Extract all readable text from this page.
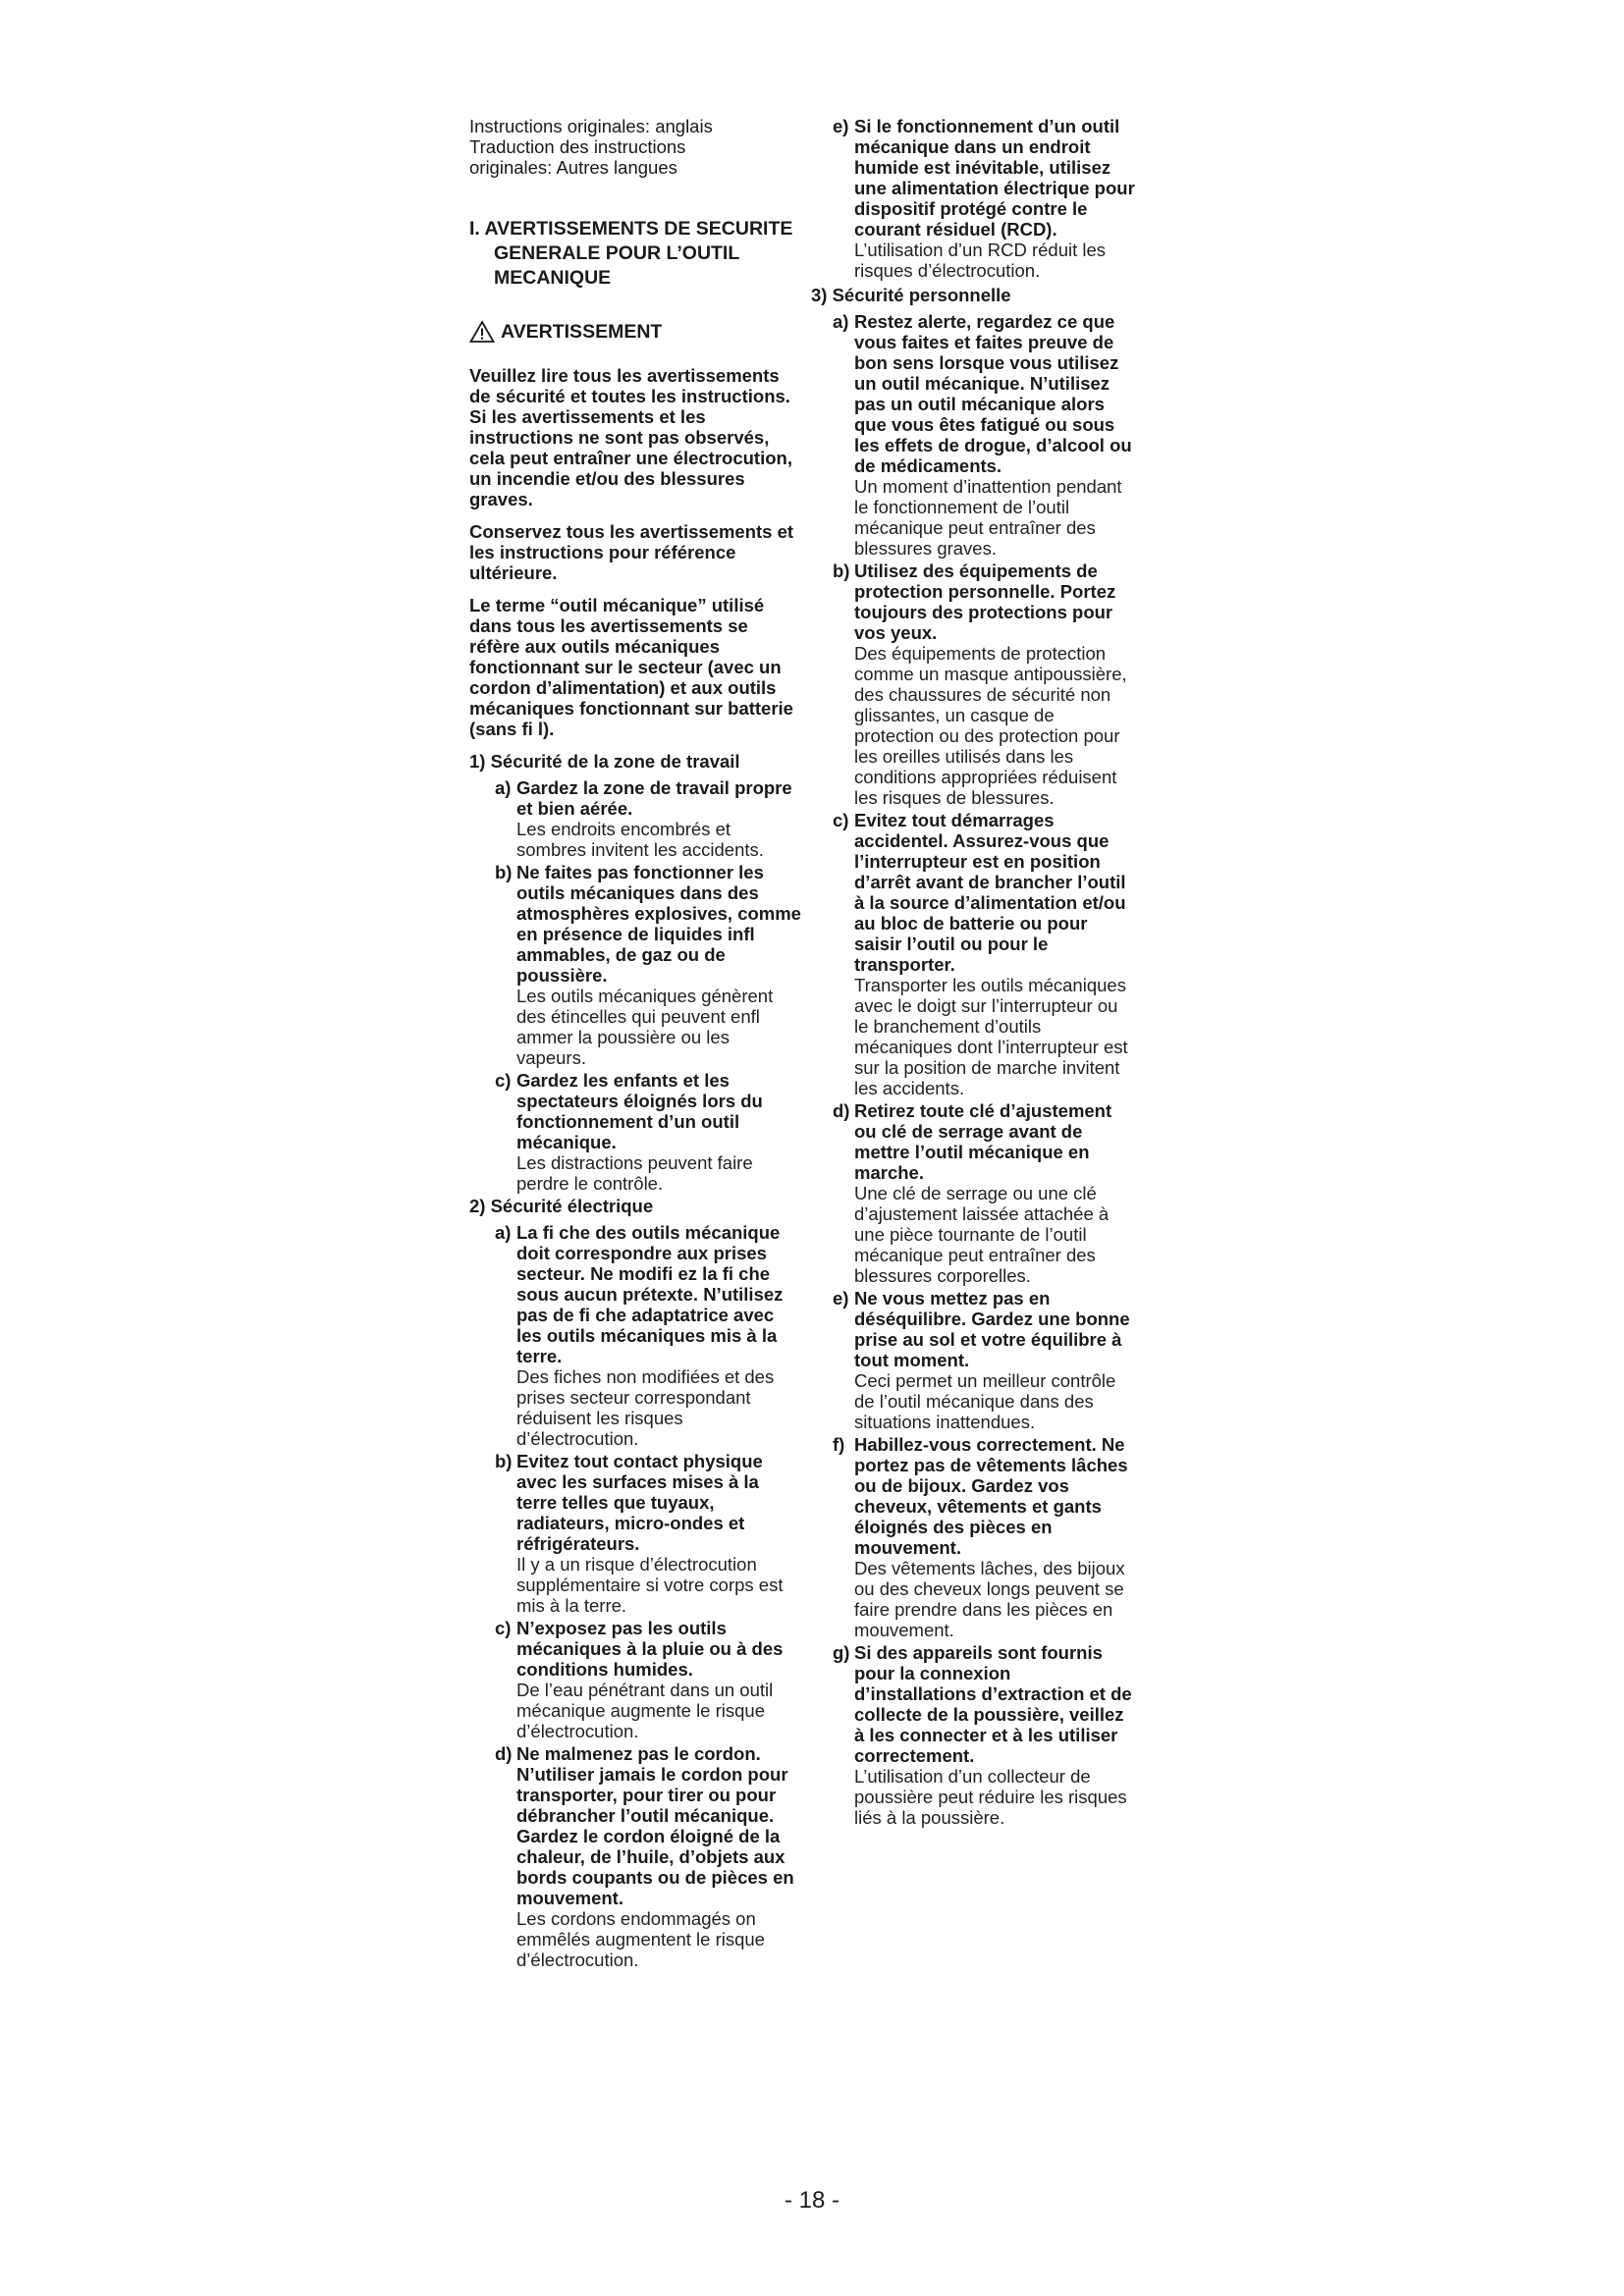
Instructions originales: anglais
Traduction des instructions
originales: Autres langues
I. AVERTISSEMENTS DE SECURITE GENERALE POUR L’OUTIL MECANIQUE
AVERTISSEMENT
Veuillez lire tous les avertissements de sécurité et toutes les instructions. Si les avertissements et les instructions ne sont pas observés, cela peut entraîner une électrocution, un incendie et/ou des blessures graves.
Conservez tous les avertissements et les instructions pour référence ultérieure.
Le terme “outil mécanique” utilisé dans tous les avertissements se réfère aux outils mécaniques fonctionnant sur le secteur (avec un cordon d’alimentation) et aux outils mécaniques fonctionnant sur batterie (sans fi l).
1) Sécurité de la zone de travail
a) Gardez la zone de travail propre et bien aérée.
Les endroits encombrés et sombres invitent les accidents.
b) Ne faites pas fonctionner les outils mécaniques dans des atmosphères explosives, comme en présence de liquides infl ammables, de gaz ou de poussière.
Les outils mécaniques génèrent des étincelles qui peuvent enfl ammer la poussière ou les vapeurs.
c) Gardez les enfants et les spectateurs éloignés lors du fonctionnement d’un outil mécanique.
Les distractions peuvent faire perdre le contrôle.
2) Sécurité électrique
a) La fi che des outils mécanique doit correspondre aux prises secteur. Ne modifi ez la fi che sous aucun prétexte. N’utilisez pas de fi che adaptatrice avec les outils mécaniques mis à la terre.
Des fiches non modifiées et des prises secteur correspondant réduisent les risques d’électrocution.
b) Evitez tout contact physique avec les surfaces mises à la terre telles que tuyaux, radiateurs, micro-ondes et réfrigérateurs.
Il y a un risque d’électrocution supplémentaire si votre corps est mis à la terre.
c) N’exposez pas les outils mécaniques à la pluie ou à des conditions humides.
De l’eau pénétrant dans un outil mécanique augmente le risque d’électrocution.
d) Ne malmenez pas le cordon. N’utiliser jamais le cordon pour transporter, pour tirer ou pour débrancher l’outil mécanique. Gardez le cordon éloigné de la chaleur, de l’huile, d’objets aux bords coupants ou de pièces en mouvement.
Les cordons endommagés on emmêlés augmentent le risque d’électrocution.
e) Si le fonctionnement d’un outil mécanique dans un endroit humide est inévitable, utilisez une alimentation électrique pour dispositif protégé contre le courant résiduel (RCD).
L’utilisation d’un RCD réduit les risques d’électrocution.
3) Sécurité personnelle
a) Restez alerte, regardez ce que vous faites et faites preuve de bon sens lorsque vous utilisez un outil mécanique. N’utilisez pas un outil mécanique alors que vous êtes fatigué ou sous les effets de drogue, d’alcool ou de médicaments.
Un moment d’inattention pendant le fonctionnement de l’outil mécanique peut entraîner des blessures graves.
b) Utilisez des équipements de protection personnelle. Portez toujours des protections pour vos yeux.
Des équipements de protection comme un masque antipoussière, des chaussures de sécurité non glissantes, un casque de protection ou des protection pour les oreilles utilisés dans les conditions appropriées réduisent les risques de blessures.
c) Evitez tout démarrages accidentel. Assurez-vous que l’interrupteur est en position d’arrêt avant de brancher l’outil à la source d’alimentation et/ou au bloc de batterie ou pour saisir l’outil ou pour le transporter.
Transporter les outils mécaniques avec le doigt sur l’interrupteur ou le branchement d’outils mécaniques dont l’interrupteur est sur la position de marche invitent les accidents.
d) Retirez toute clé d’ajustement ou clé de serrage avant de mettre l’outil mécanique en marche.
Une clé de serrage ou une clé d’ajustement laissée attachée à une pièce tournante de l’outil mécanique peut entraîner des blessures corporelles.
e) Ne vous mettez pas en déséquilibre. Gardez une bonne prise au sol et votre équilibre à tout moment.
Ceci permet un meilleur contrôle de l’outil mécanique dans des situations inattendues.
f) Habillez-vous correctement. Ne portez pas de vêtements lâches ou de bijoux. Gardez vos cheveux, vêtements et gants éloignés des pièces en mouvement.
Des vêtements lâches, des bijoux ou des cheveux longs peuvent se faire prendre dans les pièces en mouvement.
g) Si des appareils sont fournis pour la connexion d’installations d’extraction et de collecte de la poussière, veillez à les connecter et à les utiliser correctement.
L’utilisation d’un collecteur de poussière peut réduire les risques liés à la poussière.
- 18 -
